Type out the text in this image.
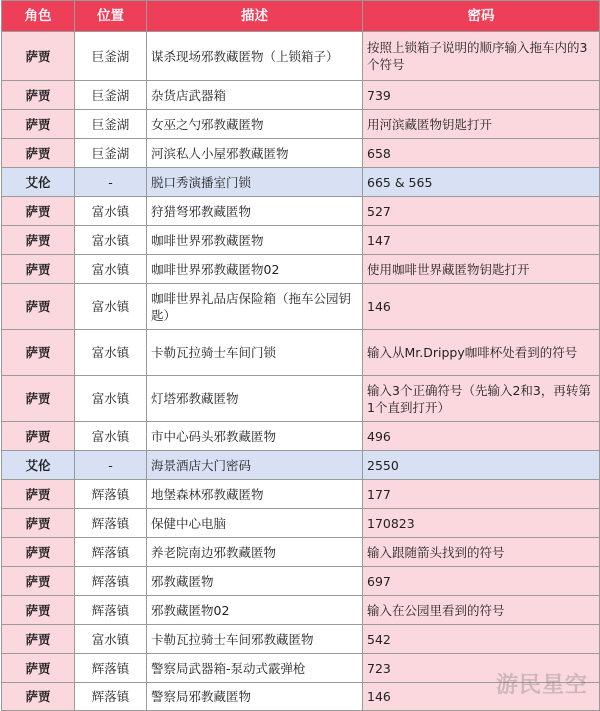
角色	位置	描述	密码
萨贾	巨釜湖	谋杀现场邪教藏匿物（上锁箱子）	按照上锁箱子说明的顺序输入拖车内的3个符号
萨贾	巨釜湖	杂货店武器箱	739
萨贾	巨釜湖	女巫之勺邪教藏匿物	用河滨藏匿物钥匙打开
萨贾	巨釜湖	河滨私人小屋邪教藏匿物	658
艾伦	-	脱口秀演播室门锁	665 & 565
萨贾	富水镇	狩猎弩邪教藏匿物	527
萨贾	富水镇	咖啡世界邪教藏匿物	147
萨贾	富水镇	咖啡世界邪教藏匿物02	使用咖啡世界藏匿物钥匙打开
萨贾	富水镇	咖啡世界礼品店保险箱（拖车公园钥匙）	146
萨贾	富水镇	卡勒瓦拉骑士车间门锁	输入从Mr.Drippy咖啡杯处看到的符号
萨贾	富水镇	灯塔邪教藏匿物	输入3个正确符号（先输入2和3，再转第1个直到打开）
萨贾	富水镇	市中心码头邪教藏匿物	496
艾伦	-	海景酒店大门密码	2550
萨贾	辉落镇	地堡森林邪教藏匿物	177
萨贾	辉落镇	保健中心电脑	170823
萨贾	辉落镇	养老院南边邪教藏匿物	输入跟随箭头找到的符号
萨贾	辉落镇	邪教藏匿物	697
萨贾	辉落镇	邪教藏匿物02	输入在公园里看到的符号
萨贾	富水镇	卡勒瓦拉骑士车间邪教藏匿物	542
萨贾	辉落镇	警察局武器箱-泵动式霰弹枪	723
萨贾	辉落镇	警察局邪教藏匿物	146	游民星空
